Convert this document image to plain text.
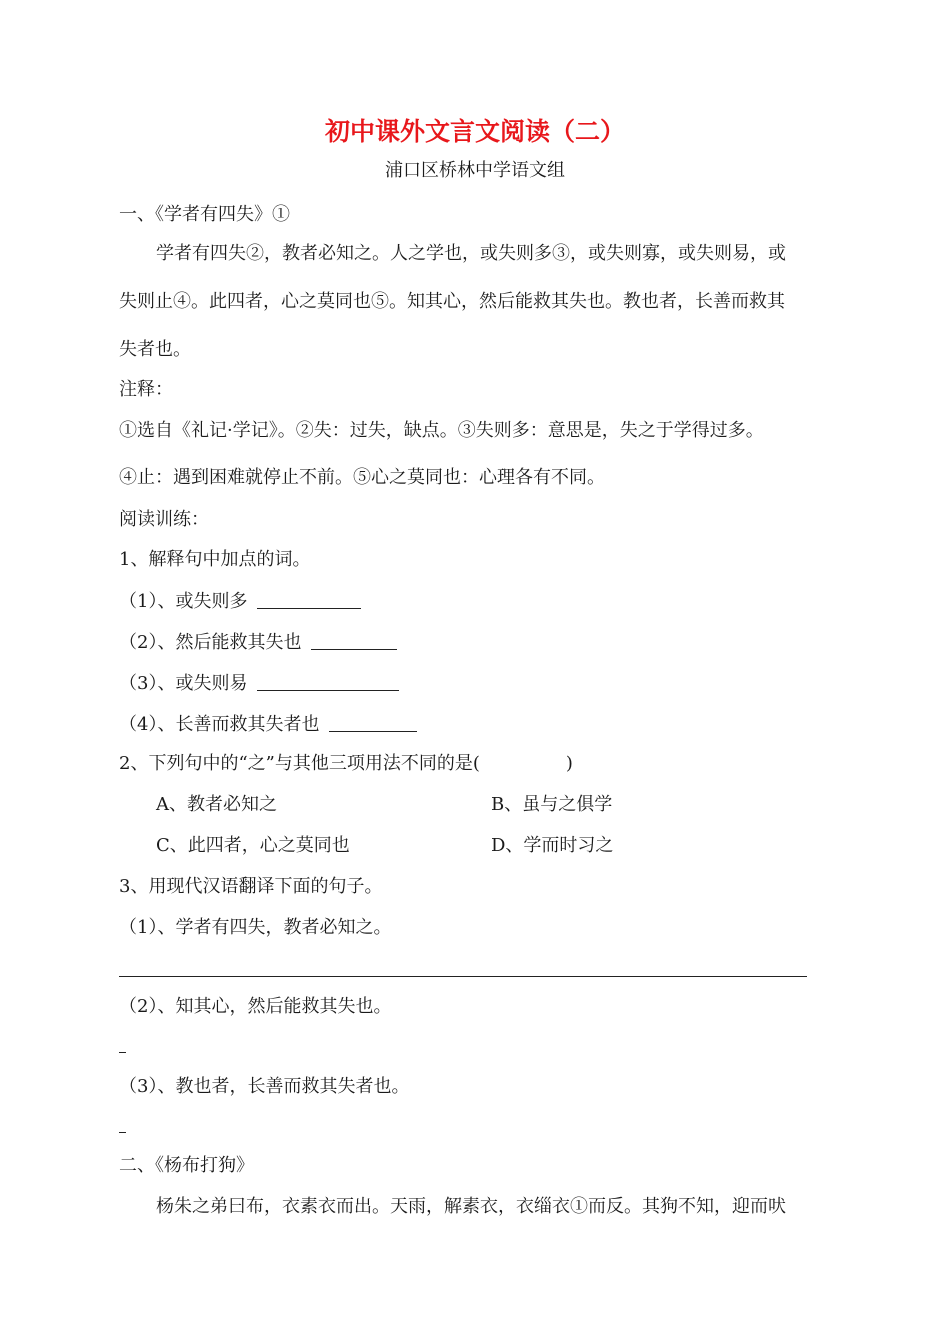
初中课外文言文阅读（二）
浦口区桥林中学语文组
一、《学者有四失》①
学者有四失②，教者必知之。人之学也，或失则多③，或失则寡，或失则易，或
失则止④。此四者，心之莫同也⑤。知其心，然后能救其失也。教也者，长善而救其
失者也。
注释：
①选自《礼记·学记》。②失：过失，缺点。③失则多：意思是，失之于学得过多。
④止：遇到困难就停止不前。⑤心之莫同也：心理各有不同。
阅读训练：
1、解释句中加点的词。
（1）、或失则多
（2）、然后能救其失也
（3）、或失则易
（4）、长善而救其失者也
2、下列句中的“之”与其他三项用法不同的是(	)
A、教者必知之	B、虽与之俱学
C、此四者，心之莫同也	D、学而时习之
3、用现代汉语翻译下面的句子。
（1）、学者有四失，教者必知之。
（2）、知其心，然后能救其失也。
（3）、教也者，长善而救其失者也。
二、《杨布打狗》
杨朱之弟曰布，衣素衣而出。天雨，解素衣，衣缁衣①而反。其狗不知，迎而吠
